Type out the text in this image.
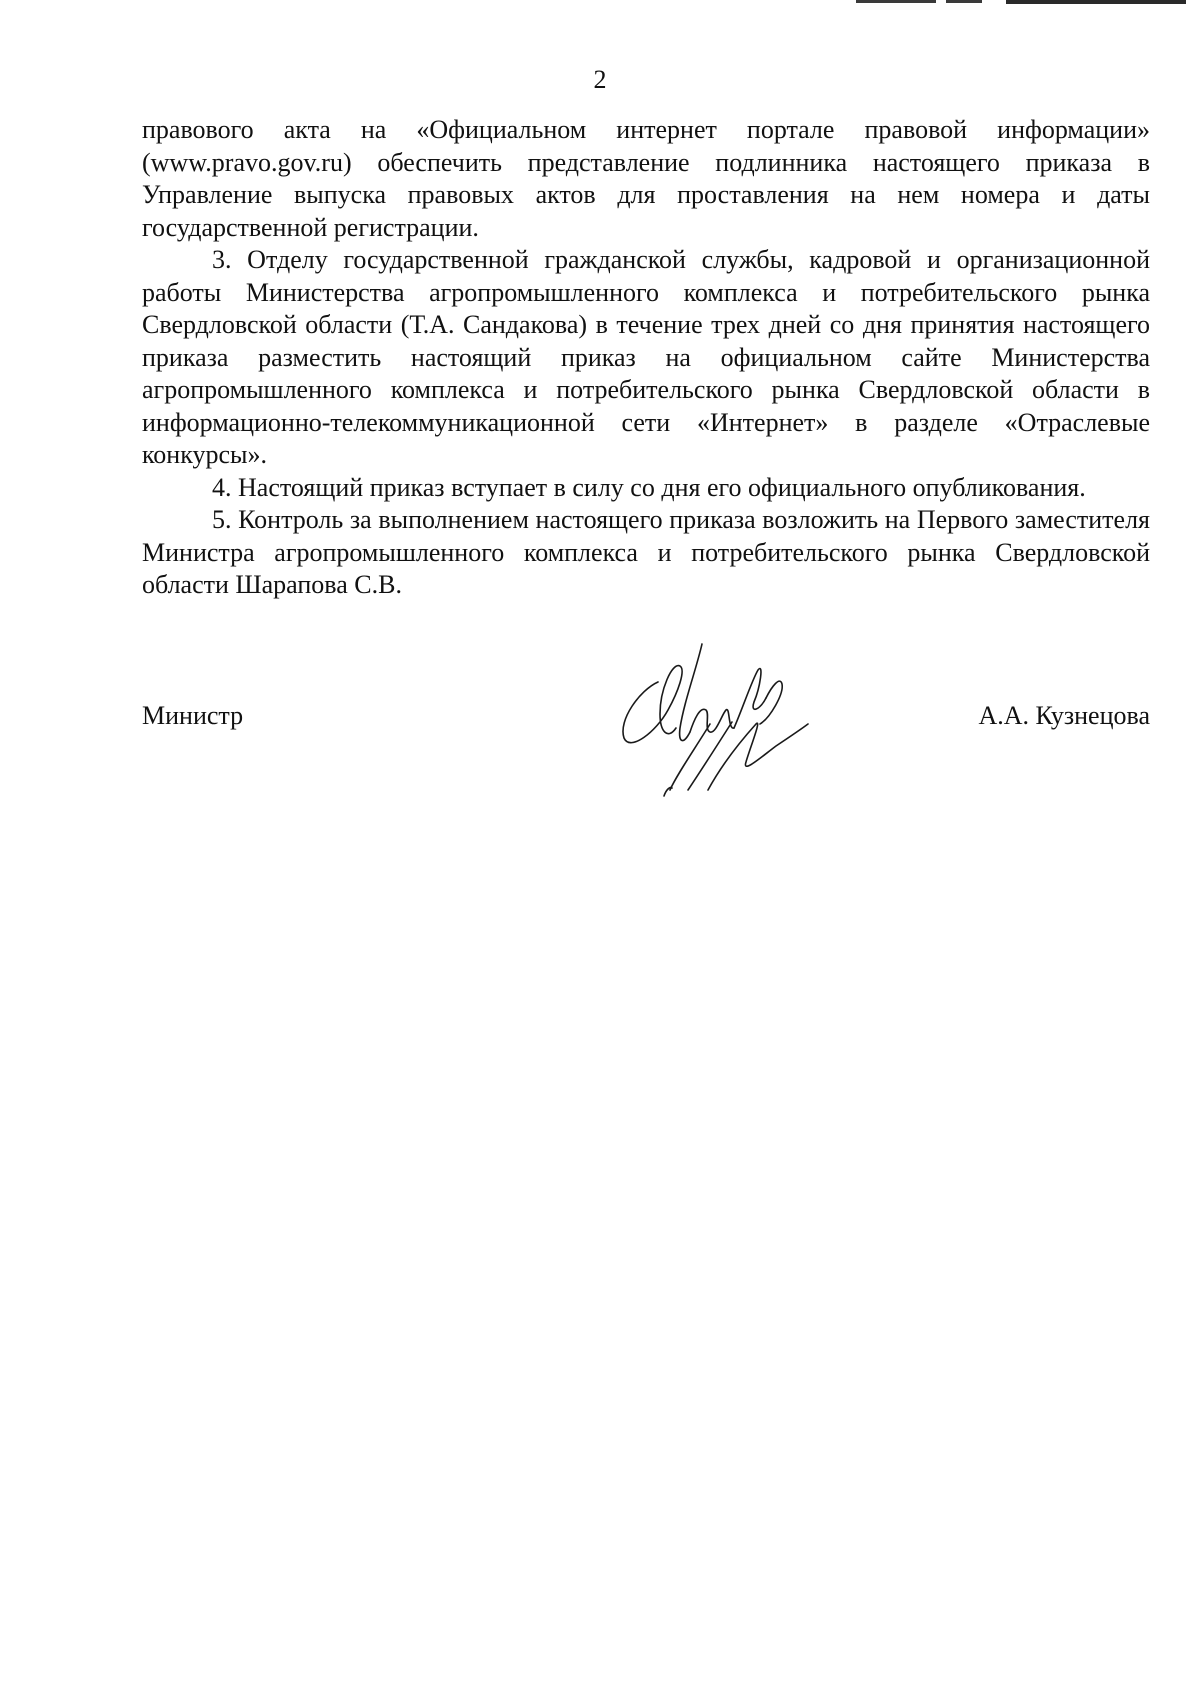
2

правового акта на «Официальном интернет портале правовой информации» (www.pravo.gov.ru) обеспечить представление подлинника настоящего приказа в Управление выпуска правовых актов для проставления на нем номера и даты государственной регистрации.

3. Отделу государственной гражданской службы, кадровой и организационной работы Министерства агропромышленного комплекса и потребительского рынка Свердловской области (Т.А. Сандакова) в течение трех дней со дня принятия настоящего приказа разместить настоящий приказ на официальном сайте Министерства агропромышленного комплекса и потребительского рынка Свердловской области в информационно-телекоммуникационной сети «Интернет» в разделе «Отраслевые конкурсы».

4. Настоящий приказ вступает в силу со дня его официального опубликования.

5. Контроль за выполнением настоящего приказа возложить на Первого заместителя Министра агропромышленного комплекса и потребительского рынка Свердловской области Шарапова С.В.

Министр	А.А. Кузнецова
